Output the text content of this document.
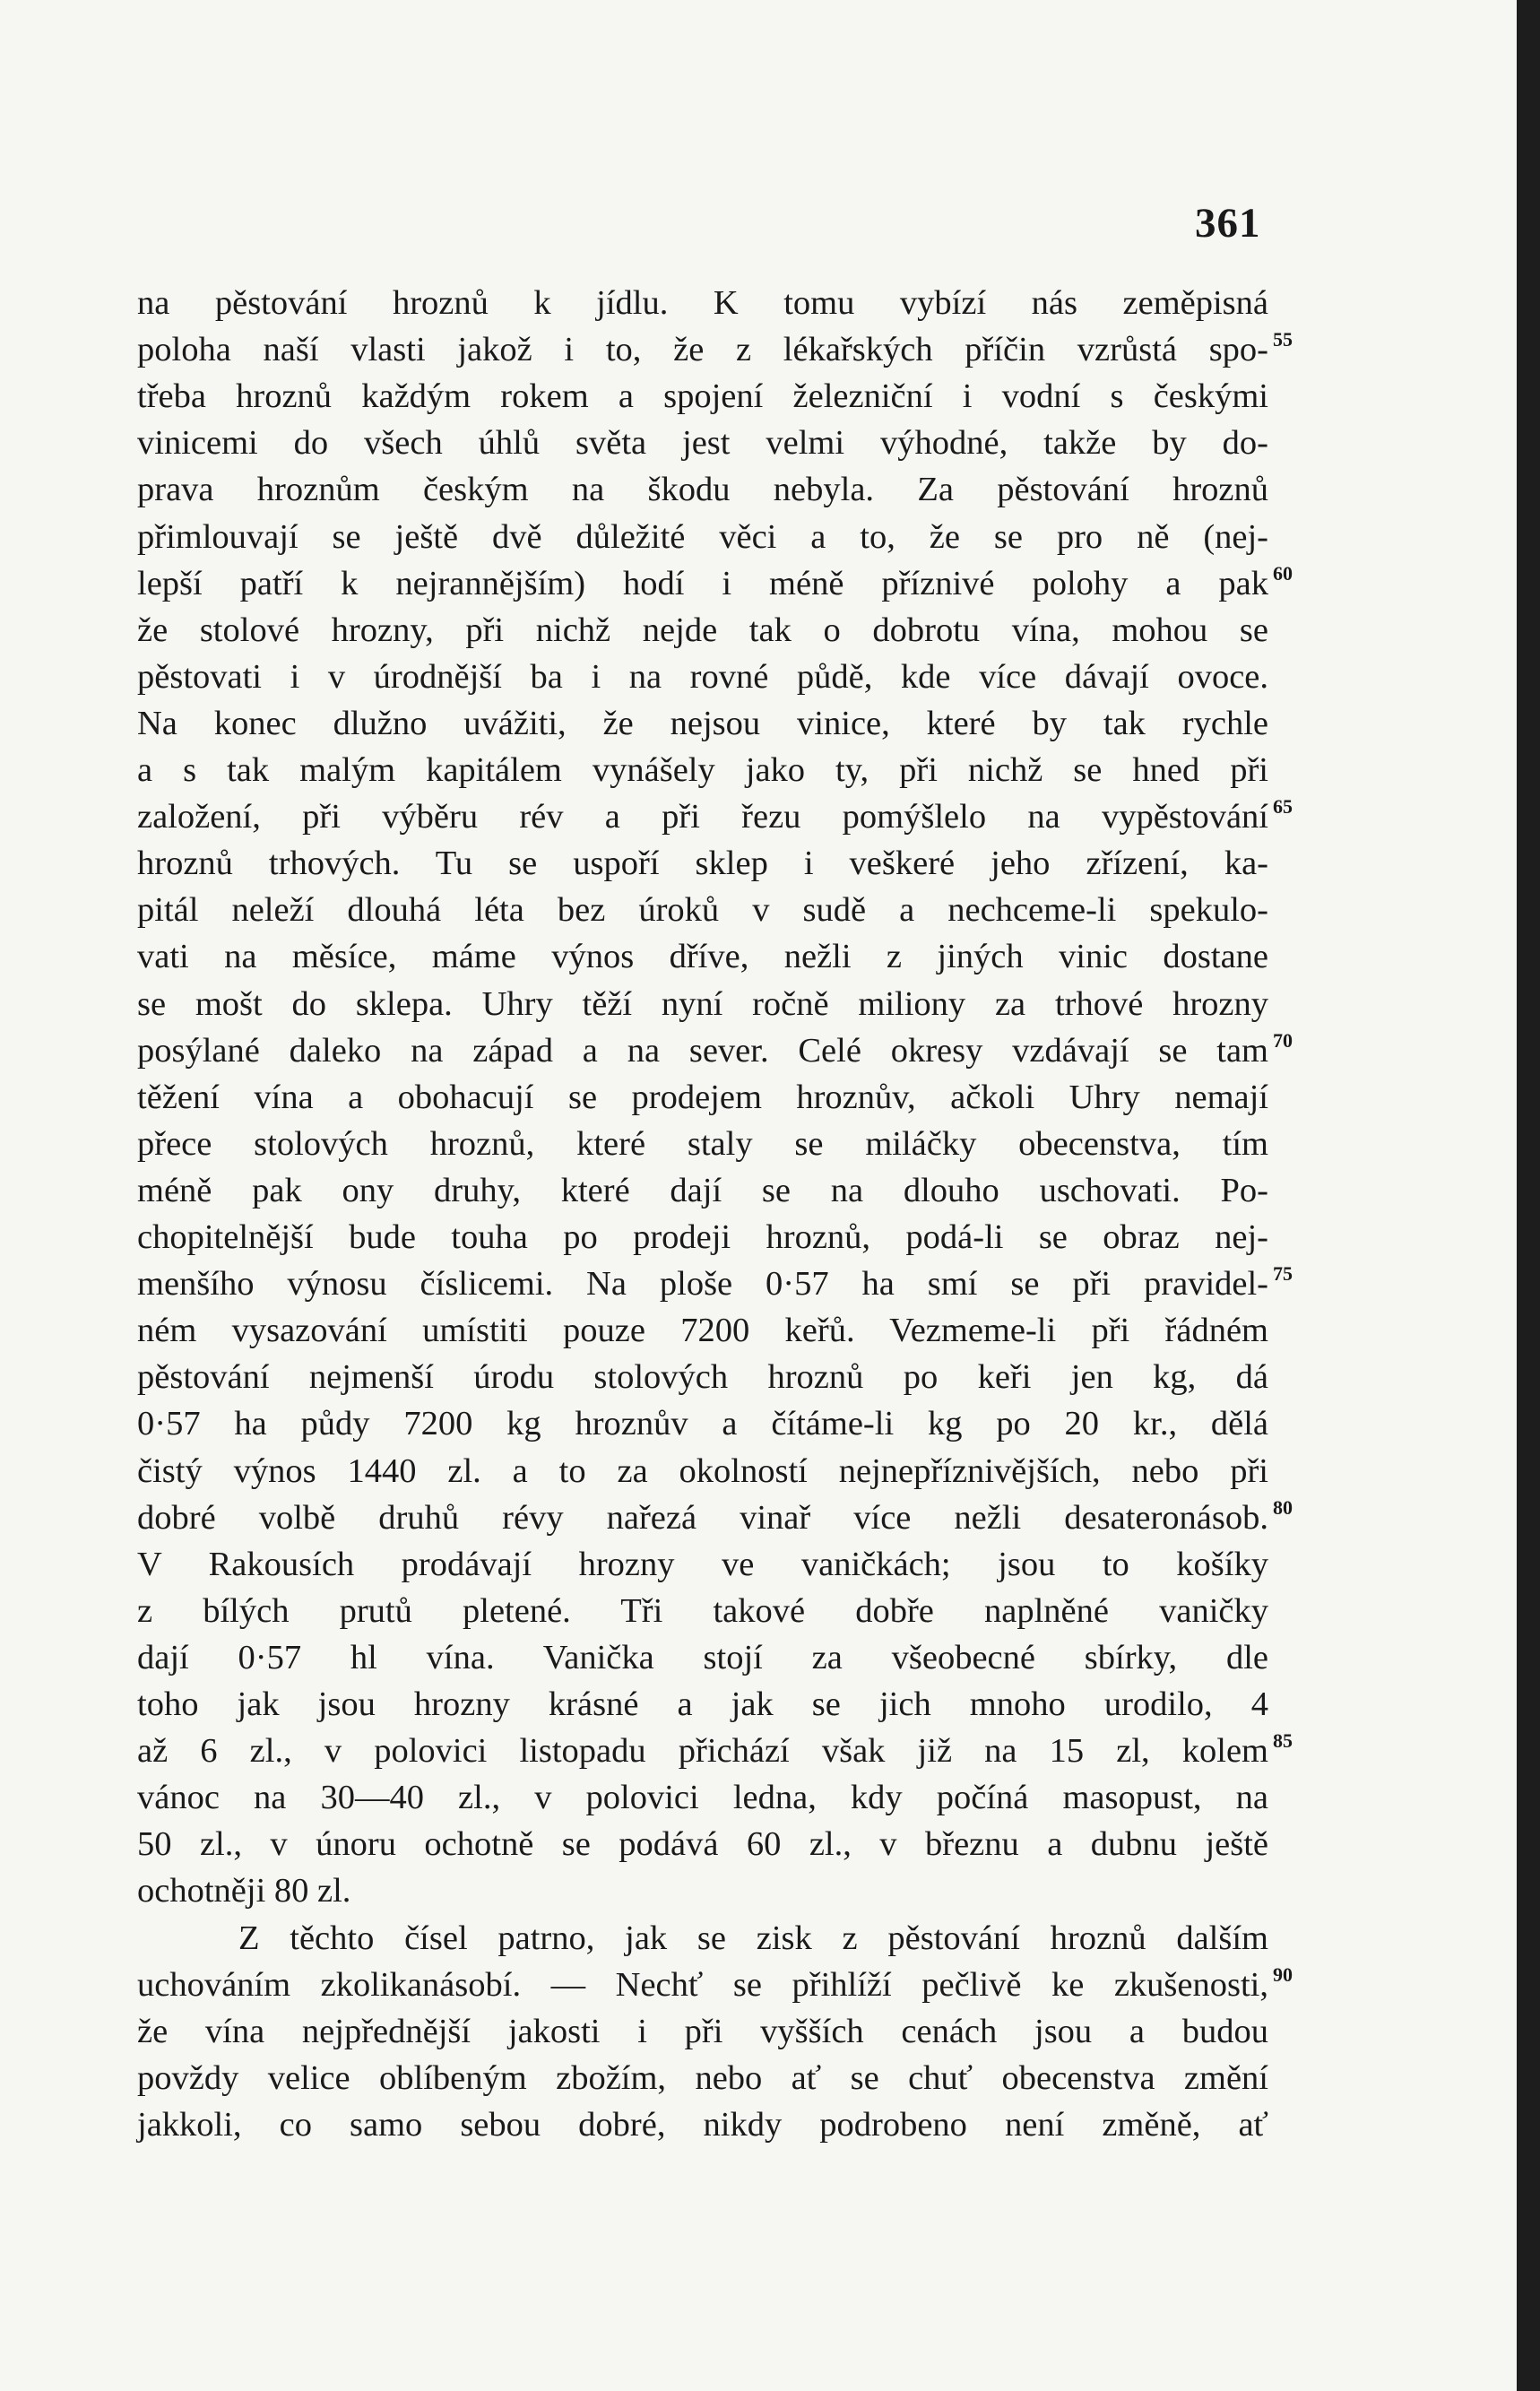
361
na pěstování hroznů k jídlu. K tomu vybízí nás zeměpisná
poloha naší vlasti jakož i to, že z lékařských příčin vzrůstá spo- 55
třeba hroznů každým rokem a spojení železniční i vodní s českými
vinicemi do všech úhlů světa jest velmi výhodné, takže by do-
prava hroznům českým na škodu nebyla. Za pěstování hroznů
přimlouvají se ještě dvě důležité věci a to, že se pro ně (nej-
lepší patří k nejrannějším) hodí i méně příznivé polohy a pak 60
že stolové hrozny, při nichž nejde tak o dobrotu vína, mohou se
pěstovati i v úrodnější ba i na rovné půdě, kde více dávají ovoce.
Na konec dlužno uvážiti, že nejsou vinice, které by tak rychle
a s tak malým kapitálem vynášely jako ty, při nichž se hned při
založení, při výběru rév a při řezu pomýšlelo na vypěstování 65
hroznů trhových. Tu se uspoří sklep i veškeré jeho zřízení, ka-
pitál neleží dlouhá léta bez úroků v sudě a nechceme-li spekulo-
vati na měsíce, máme výnos dříve, nežli z jiných vinic dostane
se mošt do sklepa. Uhry těží nyní ročně miliony za trhové hrozny
posýlané daleko na západ a na sever. Celé okresy vzdávají se tam 70
těžení vína a obohacují se prodejem hroznův, ačkoli Uhry nemají
přece stolových hroznů, které staly se miláčky obecenstva, tím
méně pak ony druhy, které dají se na dlouho uschovati. Po-
chopitelnější bude touha po prodeji hroznů, podá-li se obraz nej-
menšího výnosu číslicemi. Na ploše 0·57 ha smí se při pravidel- 75
ném vysazování umístiti pouze 7200 keřů. Vezmeme-li při řádném
pěstování nejmenší úrodu stolových hroznů po keři jen kg, dá
0·57 ha půdy 7200 kg hroznův a čítáme-li kg po 20 kr., dělá
čistý výnos 1440 zl. a to za okolností nejnepříznivějších, nebo při
dobré volbě druhů révy nařezá vinař více nežli desateronásob. 80
V Rakousích prodávají hrozny ve vaničkách; jsou to košíky
z bílých prutů pletené. Tři takové dobře naplněné vaničky
dají 0·57 hl vína. Vanička stojí za všeobecné sbírky, dle
toho jak jsou hrozny krásné a jak se jich mnoho urodilo, 4
až 6 zl., v polovici listopadu přichází však již na 15 zl, kolem 85
vánoc na 30—40 zl., v polovici ledna, kdy počíná masopust, na
50 zl., v únoru ochotně se podává 60 zl., v březnu a dubnu ještě
ochotněji 80 zl.
Z těchto čísel patrno, jak se zisk z pěstování hroznů dalším
uchováním zkolikanásobí. — Nechť se přihlíží pečlivě ke zkušenosti, 90
že vína nejpřednější jakosti i při vyšších cenách jsou a budou
povždy velice oblíbeným zbožím, nebo ať se chuť obecenstva změní
jakkoli, co samo sebou dobré, nikdy podrobeno není změně, ať
